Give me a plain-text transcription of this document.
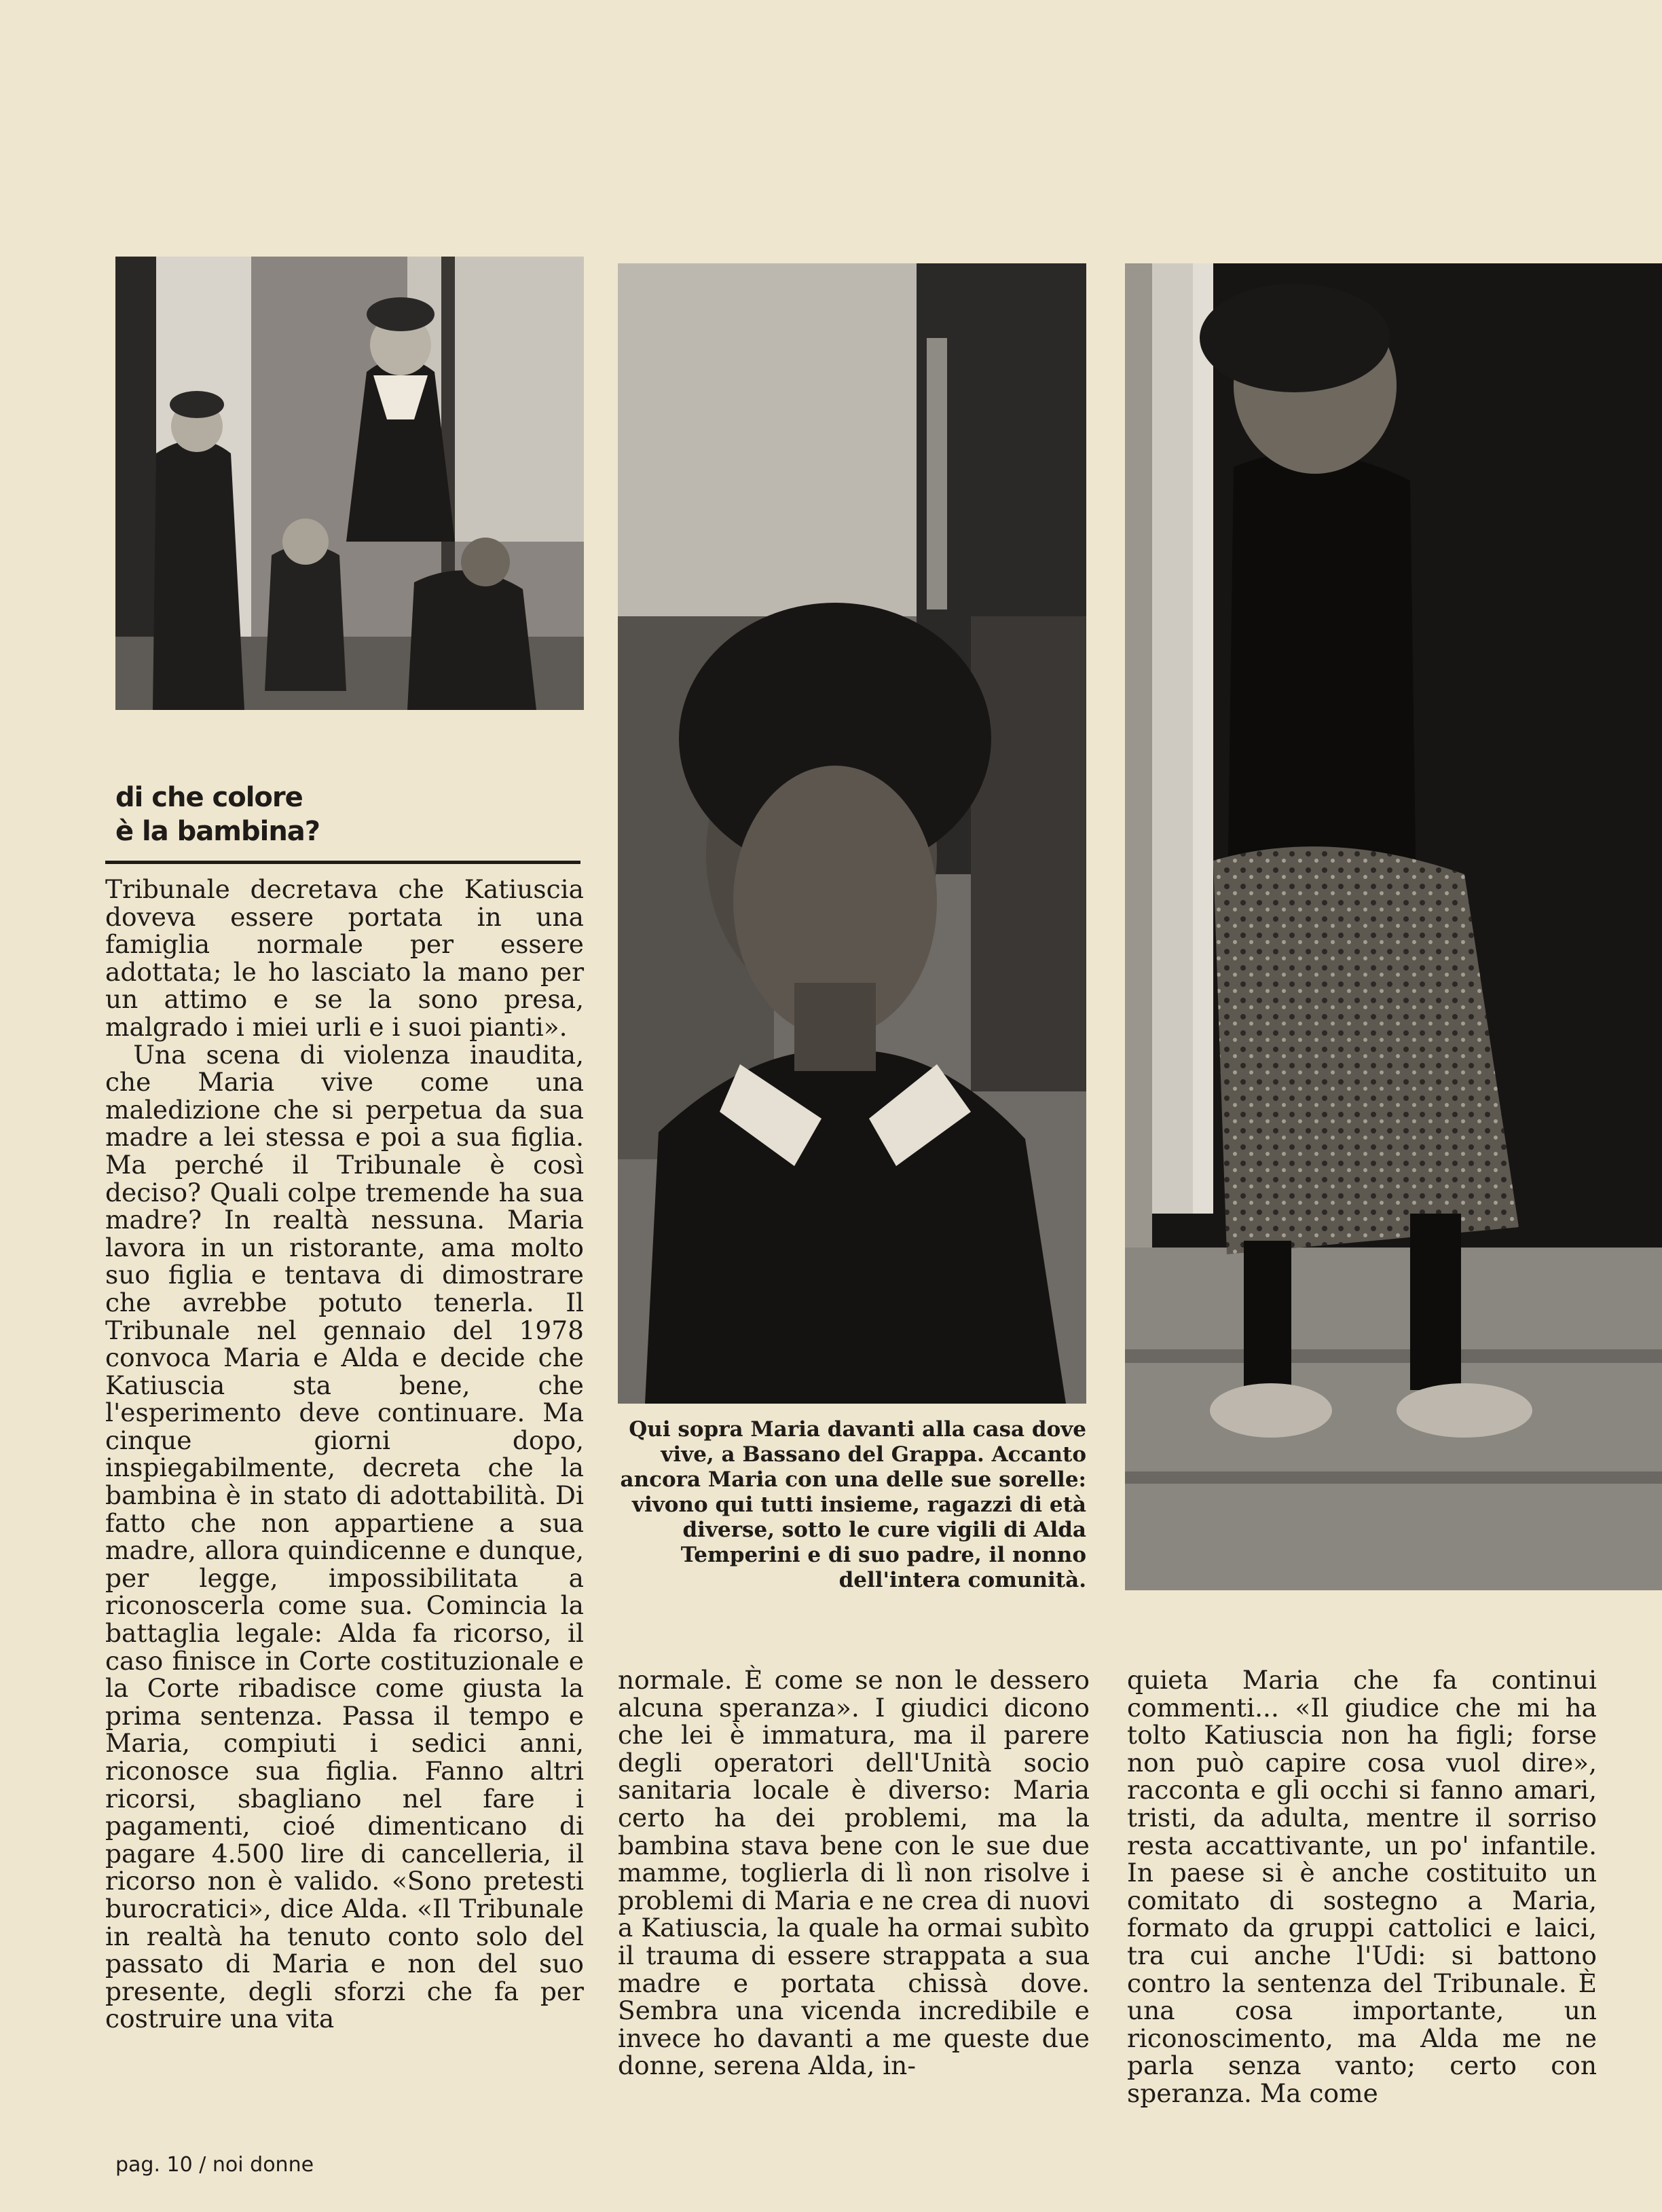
di che colore
è la bambina?

Tribunale decretava che Katiuscia doveva essere portata in una famiglia normale per essere adottata; le ho lasciato la mano per un attimo e se la sono presa, malgrado i miei urli e i suoi pianti».

Una scena di violenza inaudita, che Maria vive come una maledizione che si perpetua da sua madre a lei stessa e poi a sua figlia. Ma perché il Tribunale è così deciso? Quali colpe tremende ha sua madre? In realtà nessuna. Maria lavora in un ristorante, ama molto suo figlia e tentava di dimostrare che avrebbe potuto tenerla. Il Tribunale nel gennaio del 1978 convoca Maria e Alda e decide che Katiuscia sta bene, che l'esperimento deve continuare. Ma cinque giorni dopo, inspiegabilmente, decreta che la bambina è in stato di adottabilità. Di fatto che non appartiene a sua madre, allora quindicenne e dunque, per legge, impossibilitata a riconoscerla come sua. Comincia la battaglia legale: Alda fa ricorso, il caso finisce in Corte costituzionale e la Corte ribadisce come giusta la prima sentenza. Passa il tempo e Maria, compiuti i sedici anni, riconosce sua figlia. Fanno altri ricorsi, sbagliano nel fare i pagamenti, cioé dimenticano di pagare 4.500 lire di cancelleria, il ricorso non è valido. «Sono pretesti burocratici», dice Alda. «Il Tribunale in realtà ha tenuto conto solo del passato di Maria e non del suo presente, degli sforzi che fa per costruire una vita

Qui sopra Maria davanti alla casa dove vive, a Bassano del Grappa. Accanto ancora Maria con una delle sue sorelle: vivono qui tutti insieme, ragazzi di età diverse, sotto le cure vigili di Alda Temperini e di suo padre, il nonno dell'intera comunità.

normale. È come se non le dessero alcuna speranza». I giudici dicono che lei è immatura, ma il parere degli operatori dell'Unità socio sanitaria locale è diverso: Maria certo ha dei problemi, ma la bambina stava bene con le sue due mamme, toglierla di lì non risolve i problemi di Maria e ne crea di nuovi a Katiuscia, la quale ha ormai subìto il trauma di essere strappata a sua madre e portata chissà dove. Sembra una vicenda incredibile e invece ho davanti a me queste due donne, serena Alda, in-

quieta Maria che fa continui commenti... «Il giudice che mi ha tolto Katiuscia non ha figli; forse non può capire cosa vuol dire», racconta e gli occhi si fanno amari, tristi, da adulta, mentre il sorriso resta accattivante, un po' infantile. In paese si è anche costituito un comitato di sostegno a Maria, formato da gruppi cattolici e laici, tra cui anche l'Udi: si battono contro la sentenza del Tribunale. È una cosa importante, un riconoscimento, ma Alda me ne parla senza vanto; certo con speranza. Ma come

pag. 10 / noi donne
